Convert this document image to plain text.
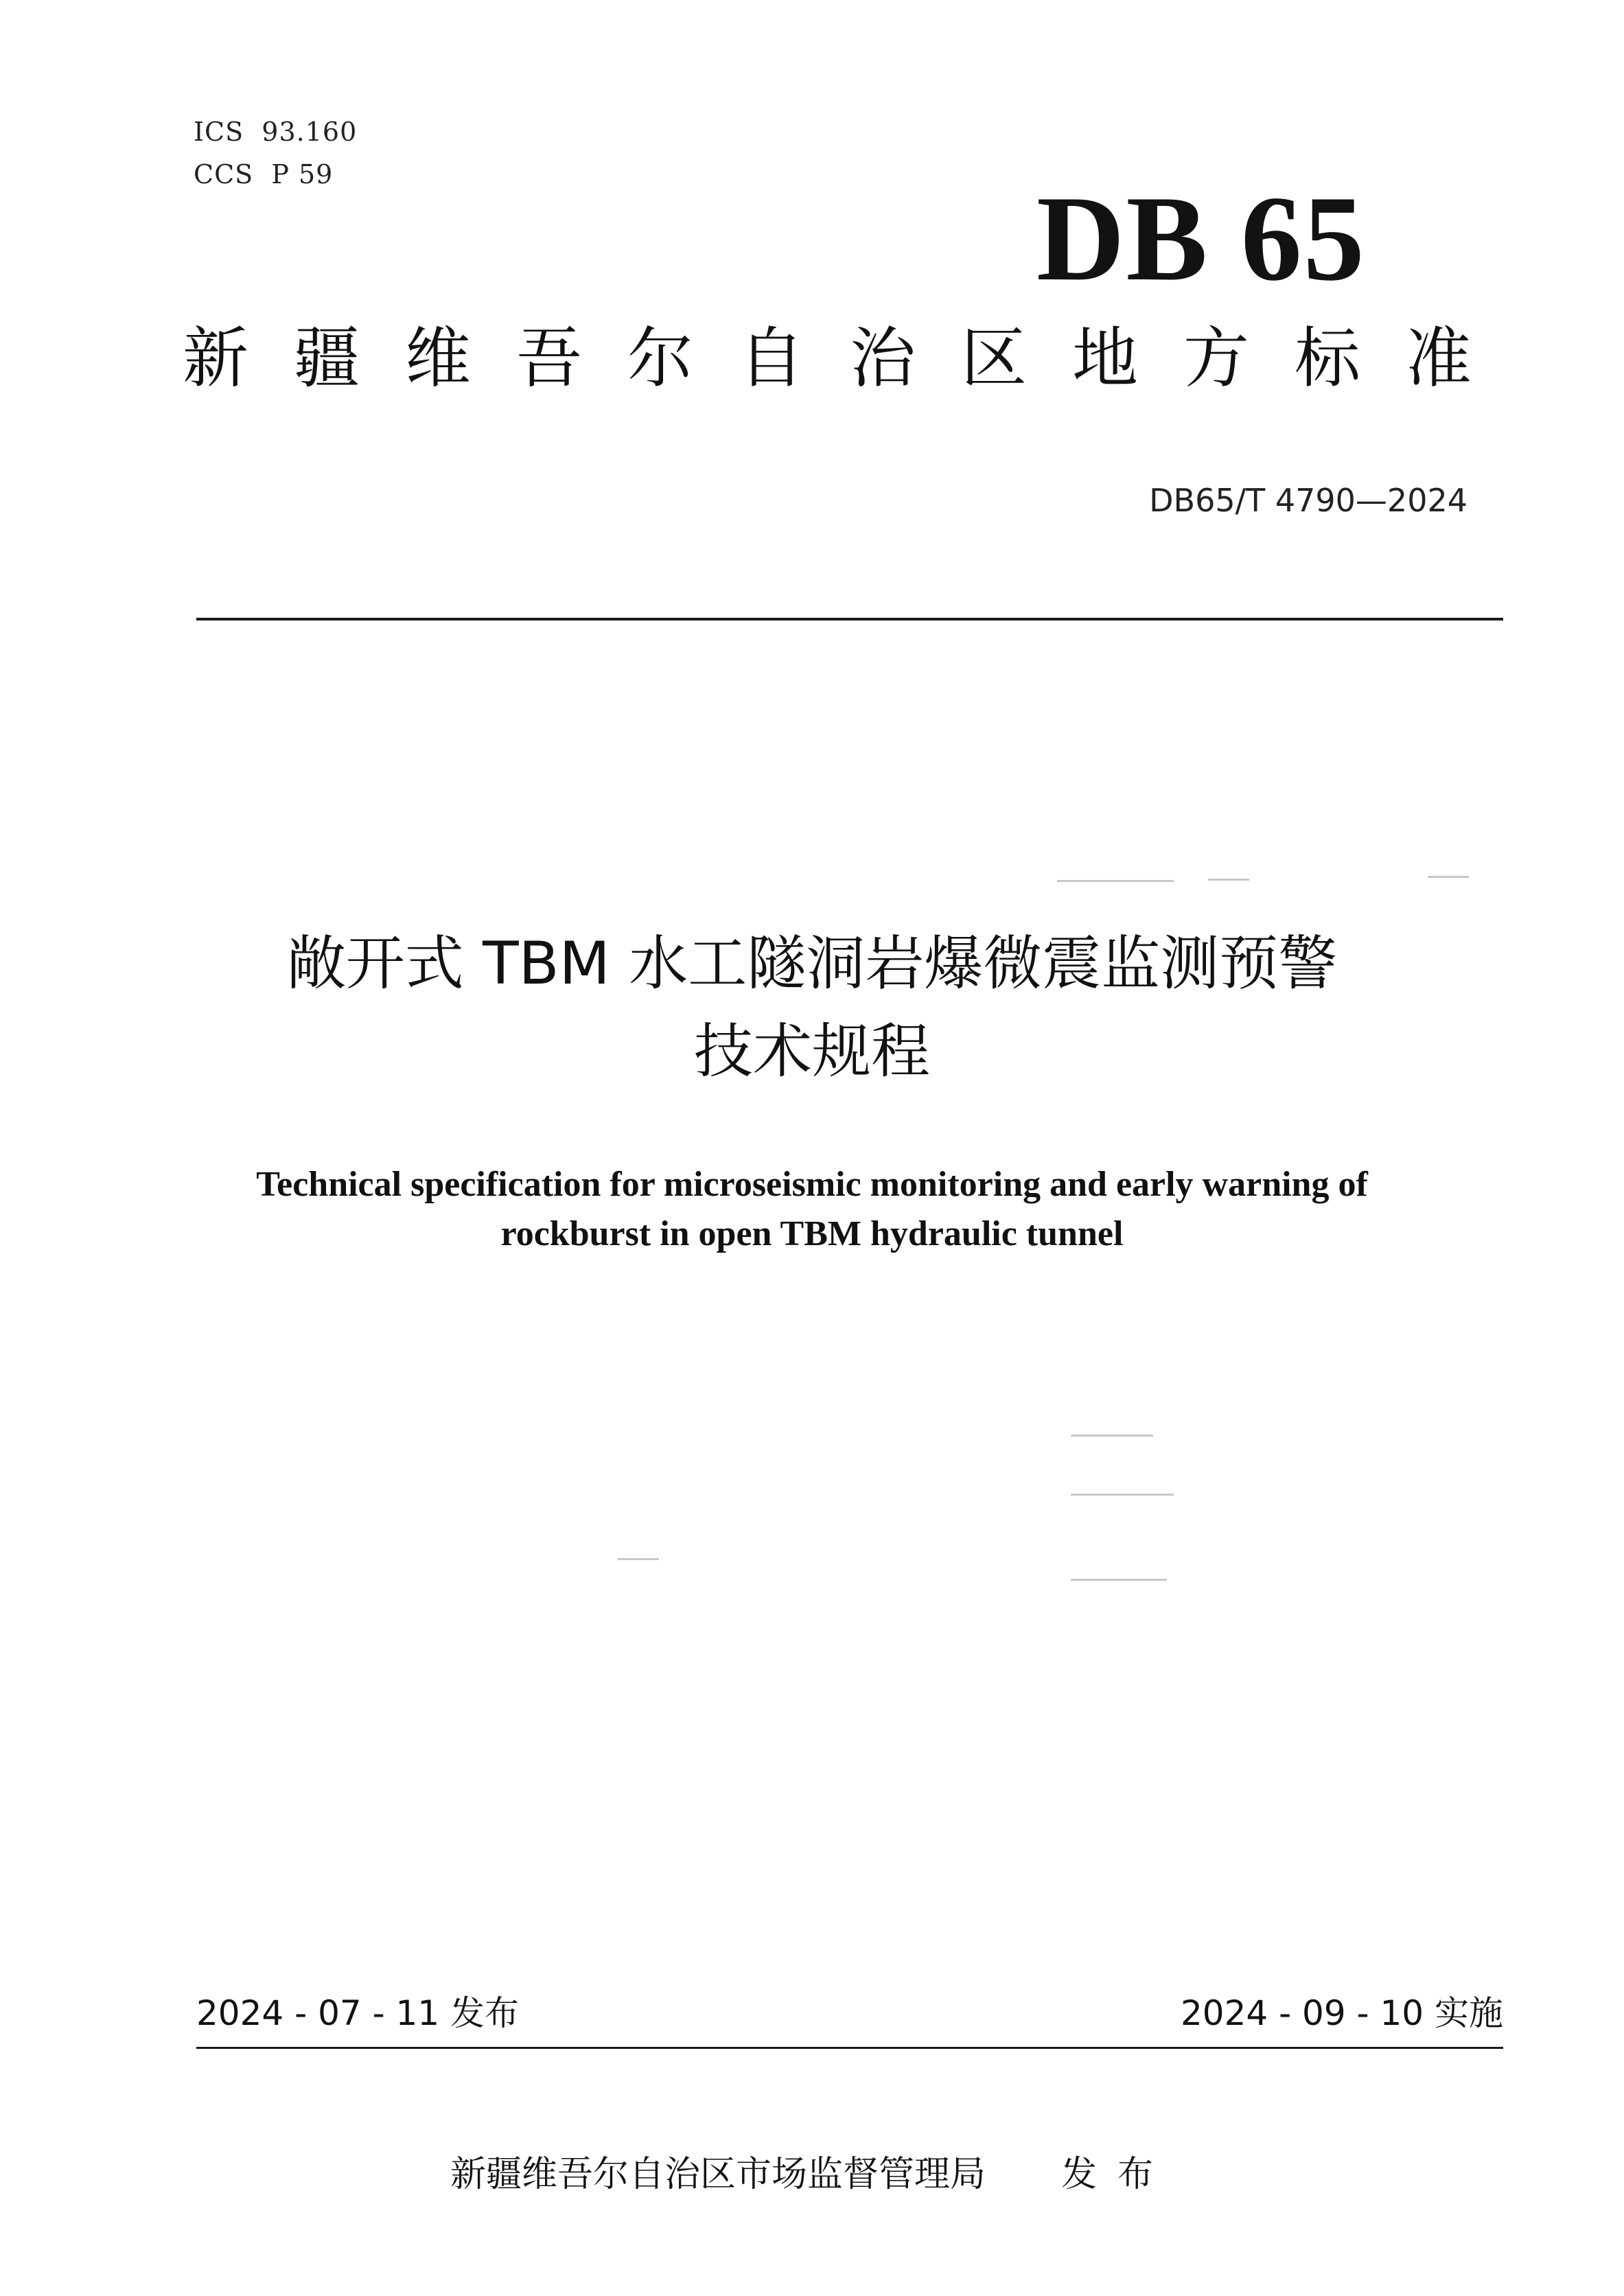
ICS  93.160
CCS  P 59	DB 65
新疆维吾尔自治区地方标准
DB65/T 4790—2024
敞开式 TBM 水工隧洞岩爆微震监测预警
技术规程
Technical specification for microseismic monitoring and early warning of
rockburst in open TBM hydraulic tunnel
2024 - 07 - 11 发布	2024 - 09 - 10 实施
新疆维吾尔自治区市场监督管理局 发布
